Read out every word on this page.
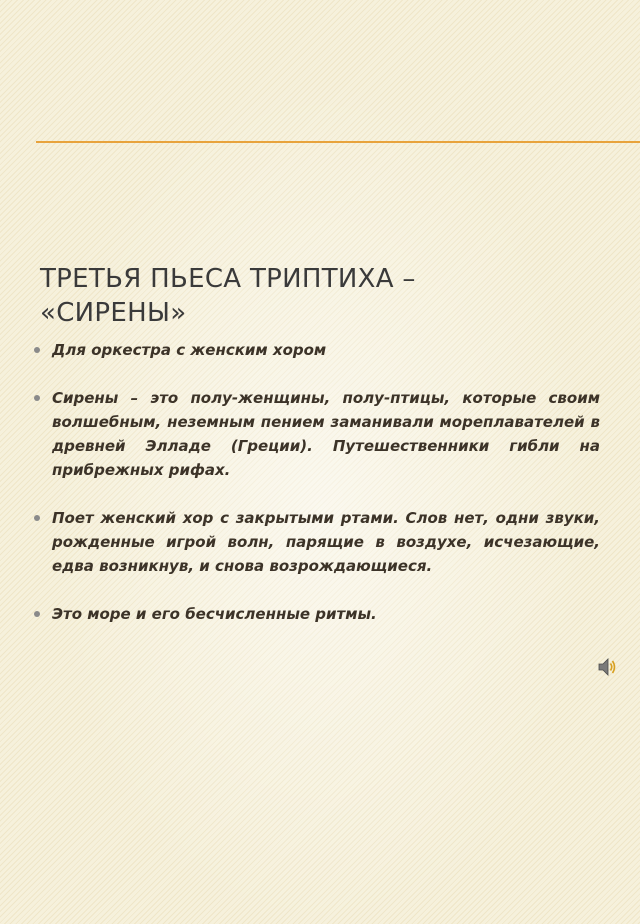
ТРЕТЬЯ ПЬЕСА ТРИПТИХА –
«СИРЕНЫ»
Для оркестра с женским хором
Сирены – это полу-женщины, полу-птицы, которые своим волшебным, неземным пением заманивали мореплавателей в древней Элладе (Греции). Путешественники гибли на прибрежных рифах.
Поет женский хор с закрытыми ртами. Слов нет, одни звуки, рожденные игрой волн, парящие в воздухе, исчезающие, едва возникнув, и снова возрождающиеся.
Это море и его бесчисленные ритмы.
